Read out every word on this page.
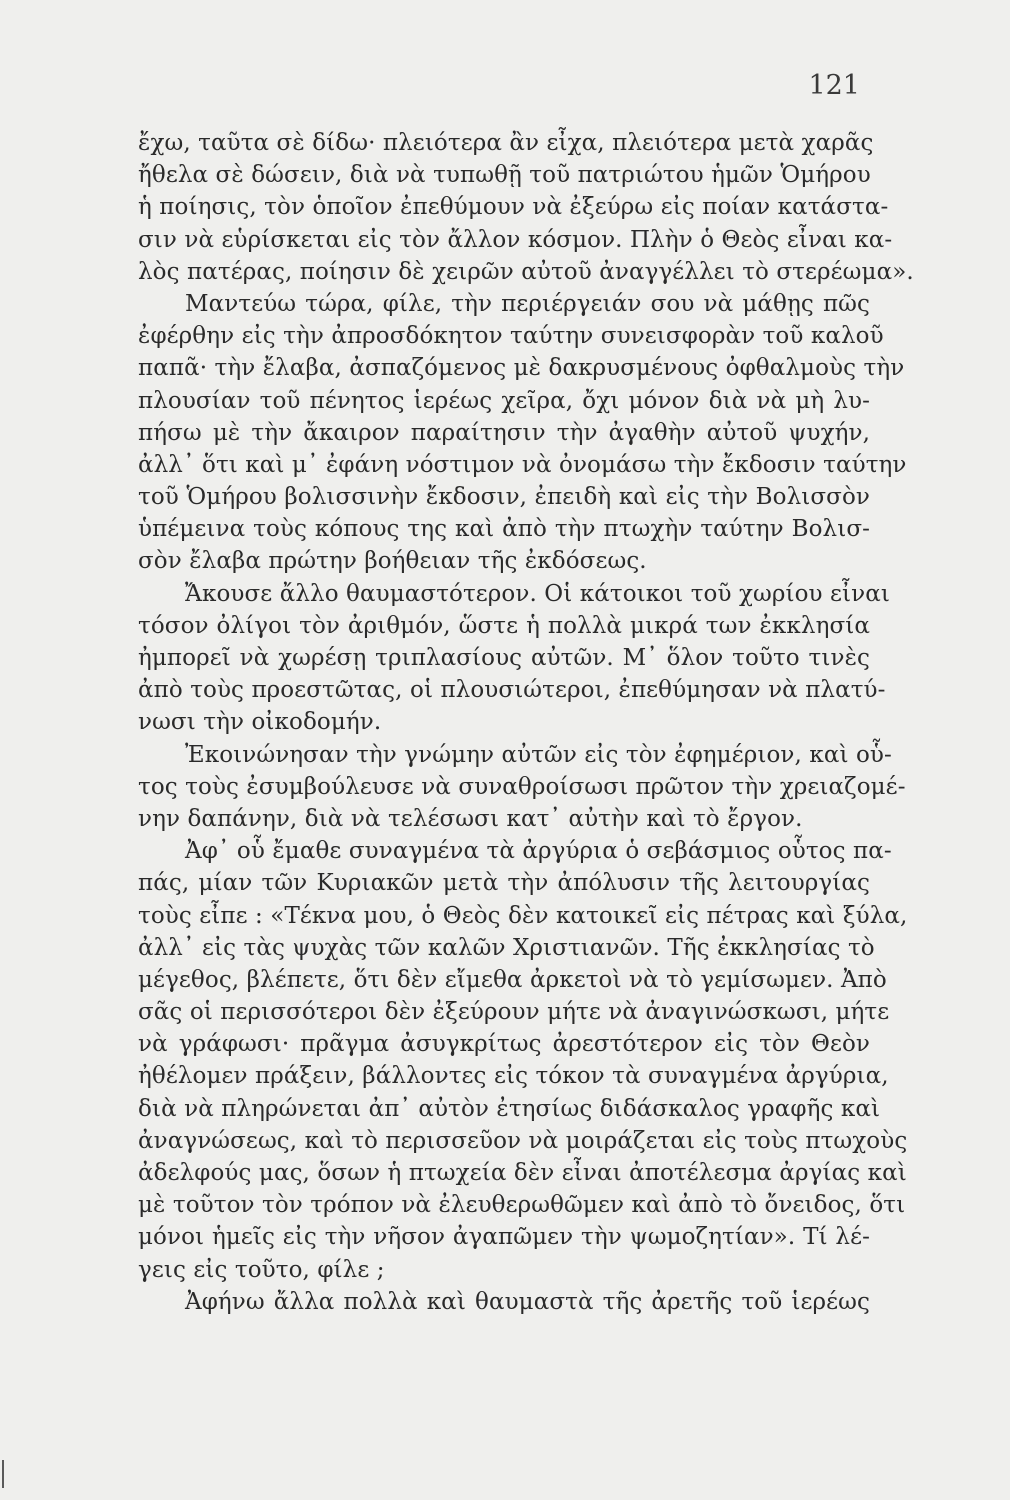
121
ἔχω, ταῦτα σὲ δίδω· πλειότερα ἂν εἶχα, πλειότερα μετὰ χαρᾶς
ἤθελα σὲ δώσειν, διὰ νὰ τυπωθῇ τοῦ πατριώτου ἡμῶν Ὁμήρου
ἡ ποίησις, τὸν ὁποῖον ἐπεθύμουν νὰ ἐξεύρω εἰς ποίαν κατάστα-
σιν νὰ εὑρίσκεται εἰς τὸν ἄλλον κόσμον. Πλὴν ὁ Θεὸς εἶναι κα-
λὸς πατέρας, ποίησιν δὲ χειρῶν αὐτοῦ ἀναγγέλλει τὸ στερέωμα».
Μαντεύω τώρα, φίλε, τὴν περιέργειάν σου νὰ μάθῃς πῶς
ἐφέρθην εἰς τὴν ἀπροσδόκητον ταύτην συνεισφορὰν τοῦ καλοῦ
παπᾶ· τὴν ἔλαβα, ἀσπαζόμενος μὲ δακρυσμένους ὀφθαλμοὺς τὴν
πλουσίαν τοῦ πένητος ἱερέως χεῖρα, ὄχι μόνον διὰ νὰ μὴ λυ-
πήσω μὲ τὴν ἄκαιρον παραίτησιν τὴν ἀγαθὴν αὐτοῦ ψυχήν,
ἀλλ᾽ ὅτι καὶ μ᾽ ἐφάνη νόστιμον νὰ ὀνομάσω τὴν ἔκδοσιν ταύτην
τοῦ Ὁμήρου βολισσινὴν ἔκδοσιν, ἐπειδὴ καὶ εἰς τὴν Βολισσὸν
ὑπέμεινα τοὺς κόπους της καὶ ἀπὸ τὴν πτωχὴν ταύτην Βολισ-
σὸν ἔλαβα πρώτην βοήθειαν τῆς ἐκδόσεως.
Ἄκουσε ἄλλο θαυμαστότερον. Οἱ κάτοικοι τοῦ χωρίου εἶναι
τόσον ὀλίγοι τὸν ἀριθμόν, ὥστε ἡ πολλὰ μικρά των ἐκκλησία
ἠμπορεῖ νὰ χωρέσῃ τριπλασίους αὐτῶν. Μ᾽ ὅλον τοῦτο τινὲς
ἀπὸ τοὺς προεστῶτας, οἱ πλουσιώτεροι, ἐπεθύμησαν νὰ πλατύ-
νωσι τὴν οἰκοδομήν.
Ἐκοινώνησαν τὴν γνώμην αὐτῶν εἰς τὸν ἐφημέριον, καὶ οὗ-
τος τοὺς ἐσυμβούλευσε νὰ συναθροίσωσι πρῶτον τὴν χρειαζομέ-
νην δαπάνην, διὰ νὰ τελέσωσι κατ᾽ αὐτὴν καὶ τὸ ἔργον.
Ἀφ᾽ οὗ ἔμαθε συναγμένα τὰ ἀργύρια ὁ σεβάσμιος οὗτος πα-
πάς, μίαν τῶν Κυριακῶν μετὰ τὴν ἀπόλυσιν τῆς λειτουργίας
τοὺς εἶπε : «Τέκνα μου, ὁ Θεὸς δὲν κατοικεῖ εἰς πέτρας καὶ ξύλα,
ἀλλ᾽ εἰς τὰς ψυχὰς τῶν καλῶν Χριστιανῶν. Τῆς ἐκκλησίας τὸ
μέγεθος, βλέπετε, ὅτι δὲν εἴμεθα ἀρκετοὶ νὰ τὸ γεμίσωμεν. Ἀπὸ
σᾶς οἱ περισσότεροι δὲν ἐξεύρουν μήτε νὰ ἀναγινώσκωσι, μήτε
νὰ γράφωσι· πρᾶγμα ἀσυγκρίτως ἀρεστότερον εἰς τὸν Θεὸν
ἠθέλομεν πράξειν, βάλλοντες εἰς τόκον τὰ συναγμένα ἀργύρια,
διὰ νὰ πληρώνεται ἀπ᾽ αὐτὸν ἐτησίως διδάσκαλος γραφῆς καὶ
ἀναγνώσεως, καὶ τὸ περισσεῦον νὰ μοιράζεται εἰς τοὺς πτωχοὺς
ἀδελφούς μας, ὅσων ἡ πτωχεία δὲν εἶναι ἀποτέλεσμα ἀργίας καὶ
μὲ τοῦτον τὸν τρόπον νὰ ἐλευθερωθῶμεν καὶ ἀπὸ τὸ ὄνειδος, ὅτι
μόνοι ἡμεῖς εἰς τὴν νῆσον ἀγαπῶμεν τὴν ψωμοζητίαν». Τί λέ-
γεις εἰς τοῦτο, φίλε ;
Ἀφήνω ἄλλα πολλὰ καὶ θαυμαστὰ τῆς ἀρετῆς τοῦ ἱερέως
